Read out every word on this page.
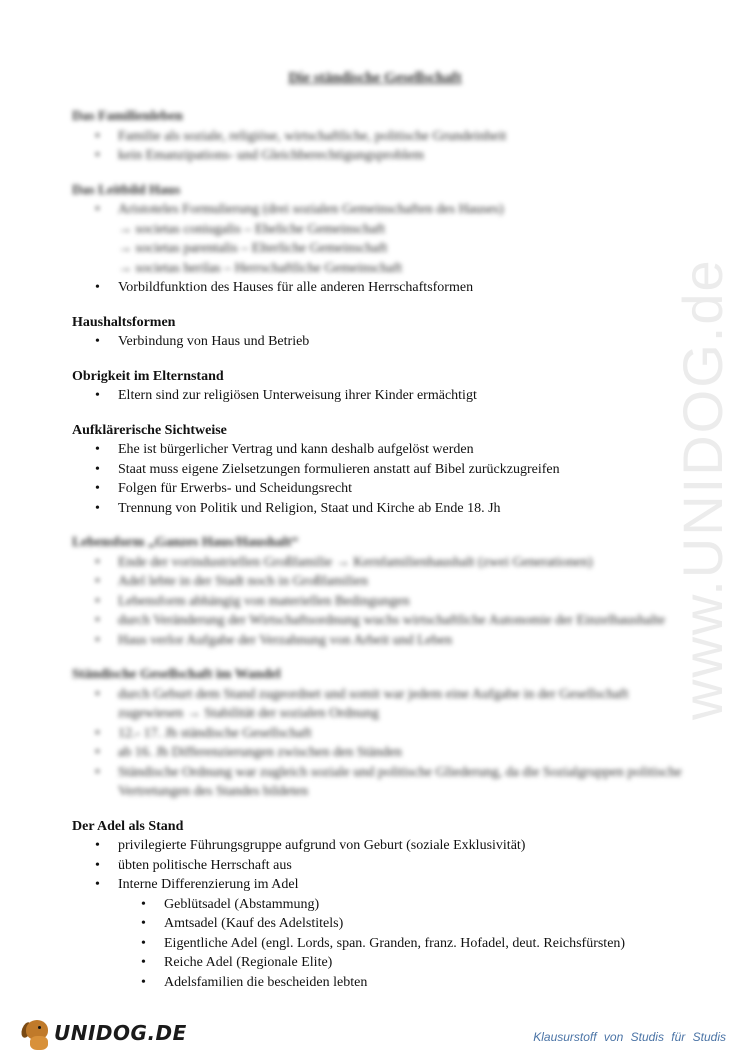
www.UNIDOG.de
Die ständische Gesellschaft
Das Familienleben
• Familie als soziale, religiöse, wirtschaftliche, politische Grundeinheit
• kein Emanzipations- und Gleichberechtigungsproblem
Das Leitbild Haus
• Aristoteles Formulierung (drei sozialen Gemeinschaften des Hauses)
→ societas coniugalis – Eheliche Gemeinschaft
→ societas parentalis – Elterliche Gemeinschaft
→ societas herilas – Herrschaftliche Gemeinschaft
• Vorbildfunktion des Hauses für alle anderen Herrschaftsformen
Haushaltsformen
• Verbindung von Haus und Betrieb
Obrigkeit im Elternstand
• Eltern sind zur religiösen Unterweisung ihrer Kinder ermächtigt
Aufklärerische Sichtweise
• Ehe ist bürgerlicher Vertrag und kann deshalb aufgelöst werden
• Staat muss eigene Zielsetzungen formulieren anstatt auf Bibel zurückzugreifen
• Folgen für Erwerbs- und Scheidungsrecht
• Trennung von Politik und Religion, Staat und Kirche ab Ende 18. Jh
Lebensform „Ganzes Haus/Haushalt“
• Ende der vorindustriellen Großfamilie → Kernfamilienhaushalt (zwei Generationen)
• Adel lebte in der Stadt noch in Großfamilien
• Lebensform abhängig von materiellen Bedingungen
• durch Veränderung der Wirtschaftsordnung wuchs wirtschaftliche Autonomie der Einzelhaushalte
• Haus verlor Aufgabe der Verzahnung von Arbeit und Leben
Ständische Gesellschaft im Wandel
• durch Geburt dem Stand zugeordnet und somit war jedem eine Aufgabe in der Gesellschaft zugewiesen → Stabilität der sozialen Ordnung
• 12.- 17. Jh ständische Gesellschaft
• ab 16. Jh Differenzierungen zwischen den Ständen
• Ständische Ordnung war zugleich soziale und politische Gliederung, da die Sozialgruppen politische Vertretungen des Standes bildeten
Der Adel als Stand
• privilegierte Führungsgruppe aufgrund von Geburt (soziale Exklusivität)
• übten politische Herrschaft aus
• Interne Differenzierung im Adel
• Geblütsadel (Abstammung)
• Amtsadel (Kauf des Adelstitels)
• Eigentliche Adel (engl. Lords, span. Granden, franz. Hofadel, deut. Reichsfürsten)
• Reiche Adel (Regionale Elite)
• Adelsfamilien die bescheiden lebten
UNIDOG.DE	Klausurstoff von Studis für Studis
